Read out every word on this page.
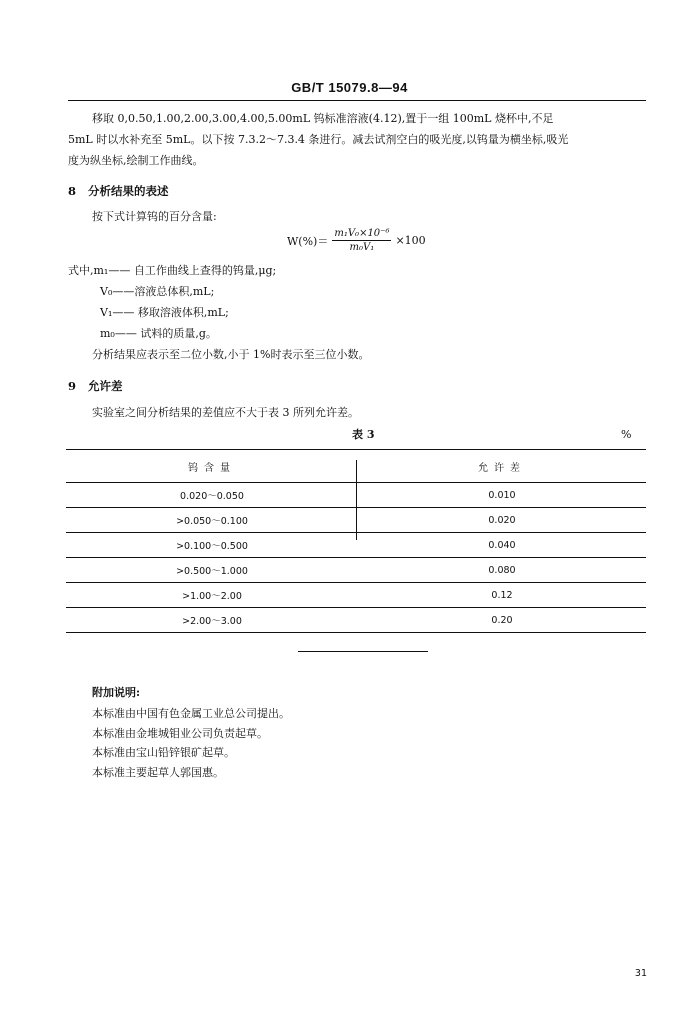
GB/T 15079.8—94
移取 0,0.50,1.00,2.00,3.00,4.00,5.00mL 钨标准溶液(4.12),置于一组 100mL 烧杯中,不足
5mL 时以水补充至 5mL。以下按 7.3.2～7.3.4 条进行。减去试剂空白的吸光度,以钨量为横坐标,吸光
度为纵坐标,绘制工作曲线。
8 分析结果的表述
按下式计算钨的百分含量:
$W(\%)= \frac{\text{m₁V₀×10⁻⁶}}{\text{m₀V₁}} \times 100$
式中,m₁—— 自工作曲线上查得的钨量,μg;
V₀——溶液总体积,mL;
V₁—— 移取溶液体积,mL;
m₀—— 试料的质量,g。
分析结果应表示至二位小数,小于 1%时表示至三位小数。
9 允许差
实验室之间分析结果的差值应不大于表 3 所列允许差。
表 3	%
钨含量	允许差
0.020～0.050	0.010
>0.050～0.100	0.020
>0.100～0.500	0.040
>0.500～1.000	0.080
>1.00～2.00	0.12
>2.00～3.00	0.20
附加说明:
本标准由中国有色金属工业总公司提出。
本标准由金堆城钼业公司负责起草。
本标准由宝山铅锌银矿起草。
本标准主要起草人郭国惠。
31
